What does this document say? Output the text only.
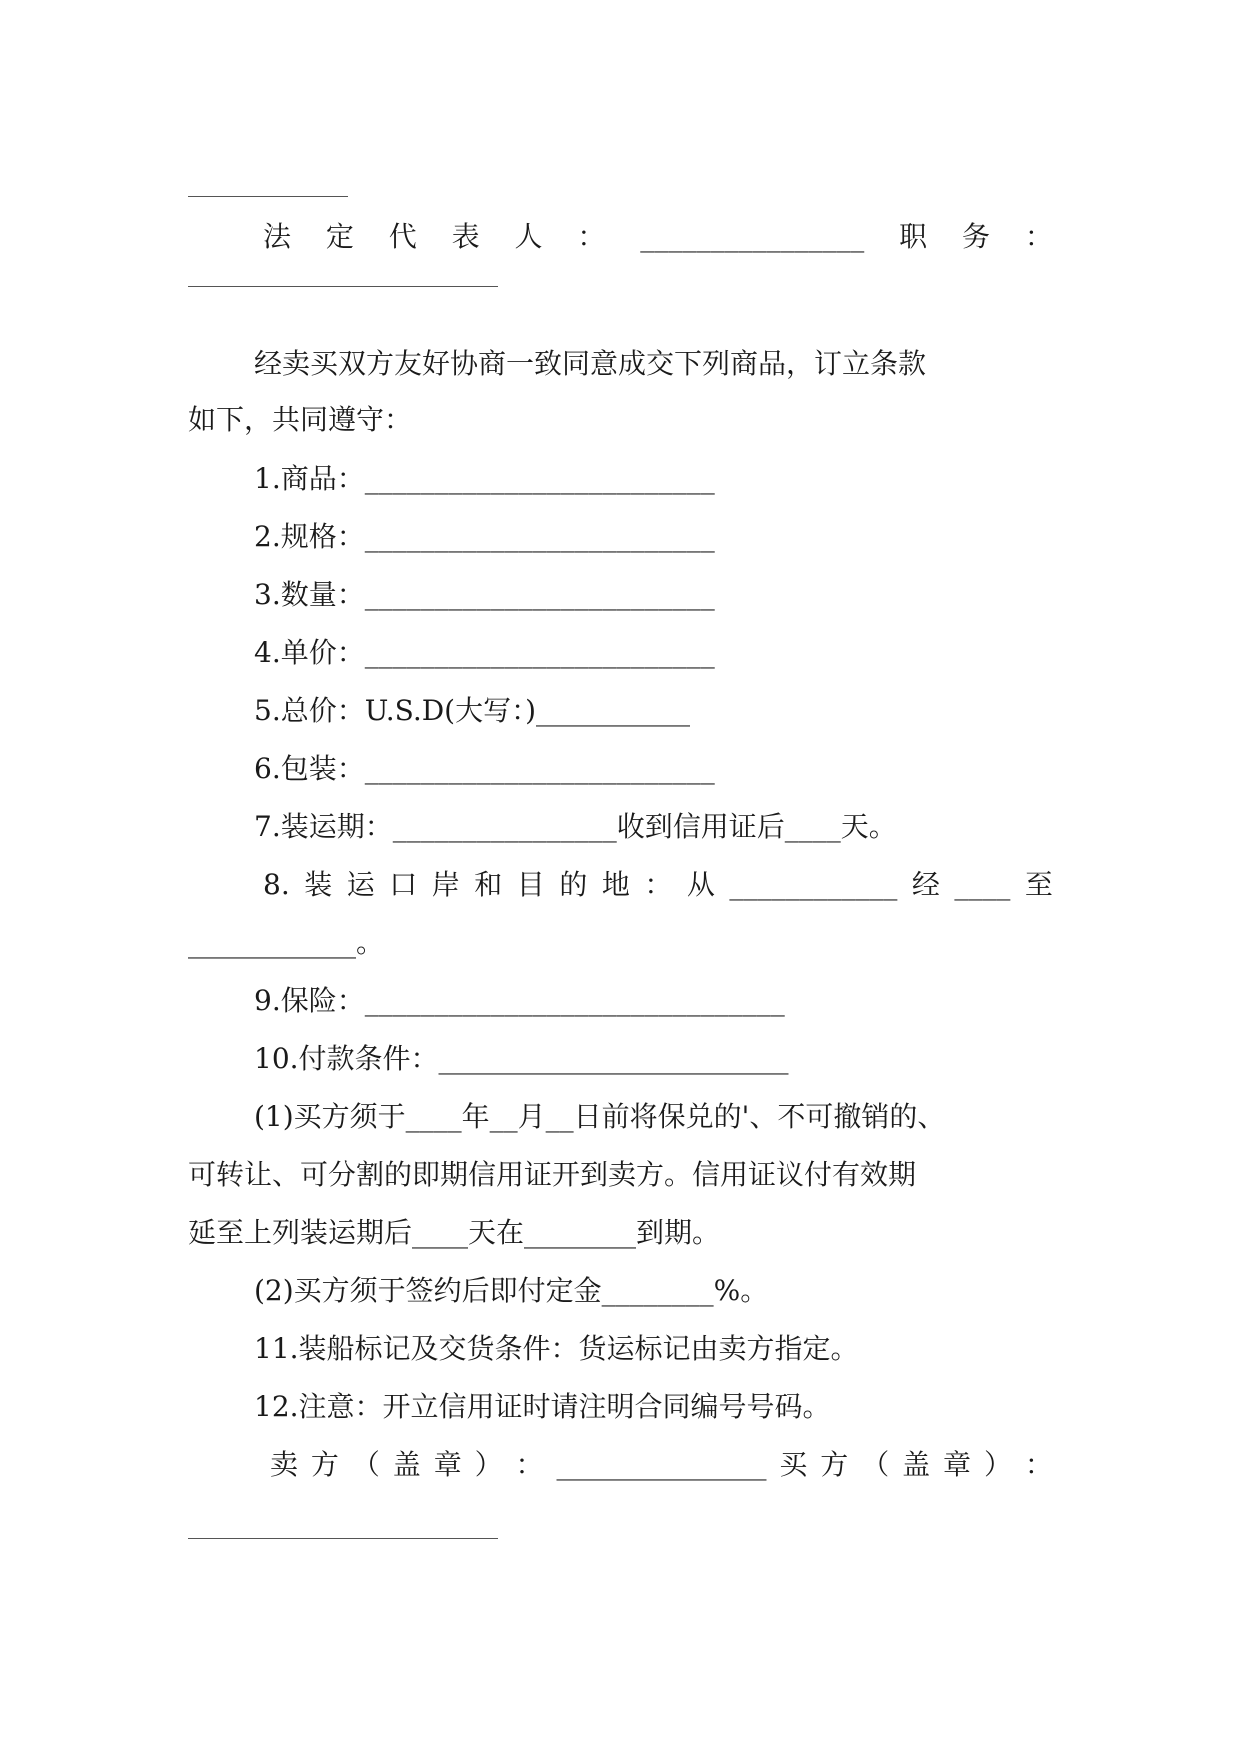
法 定 代 表 人 ： ________________ 职 务 ：
经卖买双方友好协商一致同意成交下列商品，订立条款
如下，共同遵守：
1.商品：_________________________
2.规格：_________________________
3.数量：_________________________
4.单价：_________________________
5.总价：U.S.D(大写：)___________
6.包装：_________________________
7.装运期：________________收到信用证后____天。
8. 装 运 口 岸 和 目 的 地 ： 从 ____________ 经 ____ 至
____________。
9.保险：______________________________
10.付款条件：_________________________
(1)买方须于____年__月__日前将保兑的'、不可撤销的、
可转让、可分割的即期信用证开到卖方。信用证议付有效期
延至上列装运期后____天在________到期。
(2)买方须于签约后即付定金________%。
11.装船标记及交货条件：货运标记由卖方指定。
12.注意：开立信用证时请注明合同编号号码。
卖 方 （ 盖 章 ） ： _______________ 买 方 （ 盖 章 ） ：
